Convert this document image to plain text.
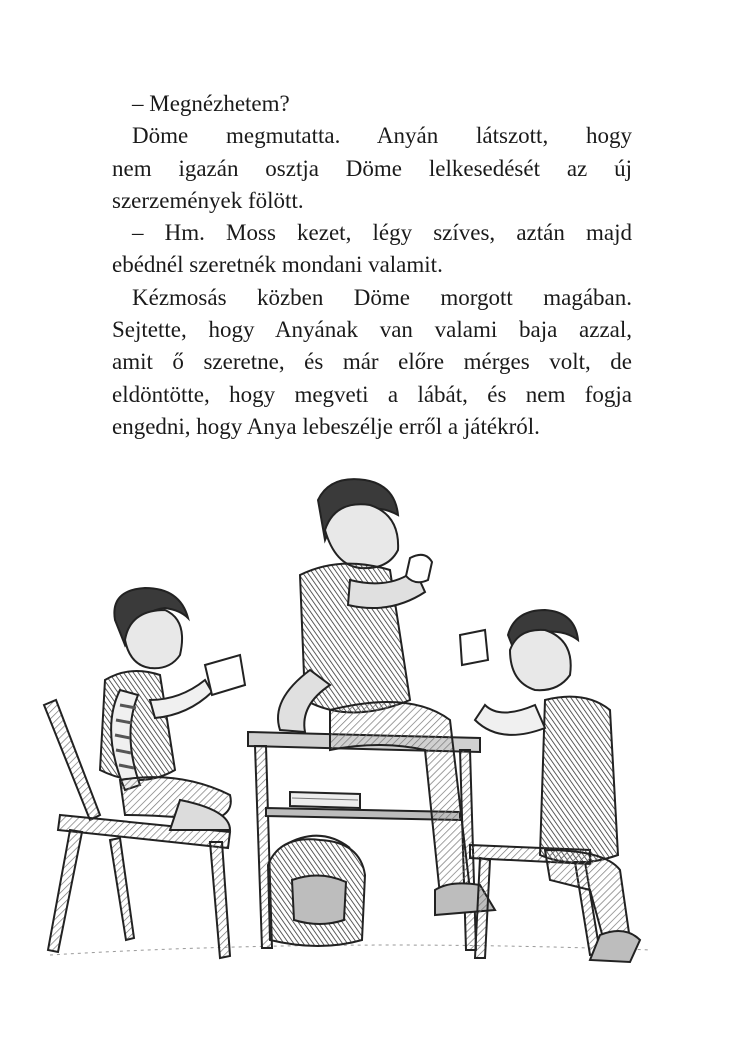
– Megnézhetem?
Döme megmutatta. Anyán látszott, hogy
nem igazán osztja Döme lelkesedését az új
szerzemények fölött.
– Hm. Moss kezet, légy szíves, aztán majd
ebédnél szeretnék mondani valamit.
Kézmosás közben Döme morgott magában.
Sejtette, hogy Anyának van valami baja azzal,
amit ő szeretne, és már előre mérges volt, de
eldöntötte, hogy megveti a lábát, és nem fogja
engedni, hogy Anya lebeszélje erről a játékról.
